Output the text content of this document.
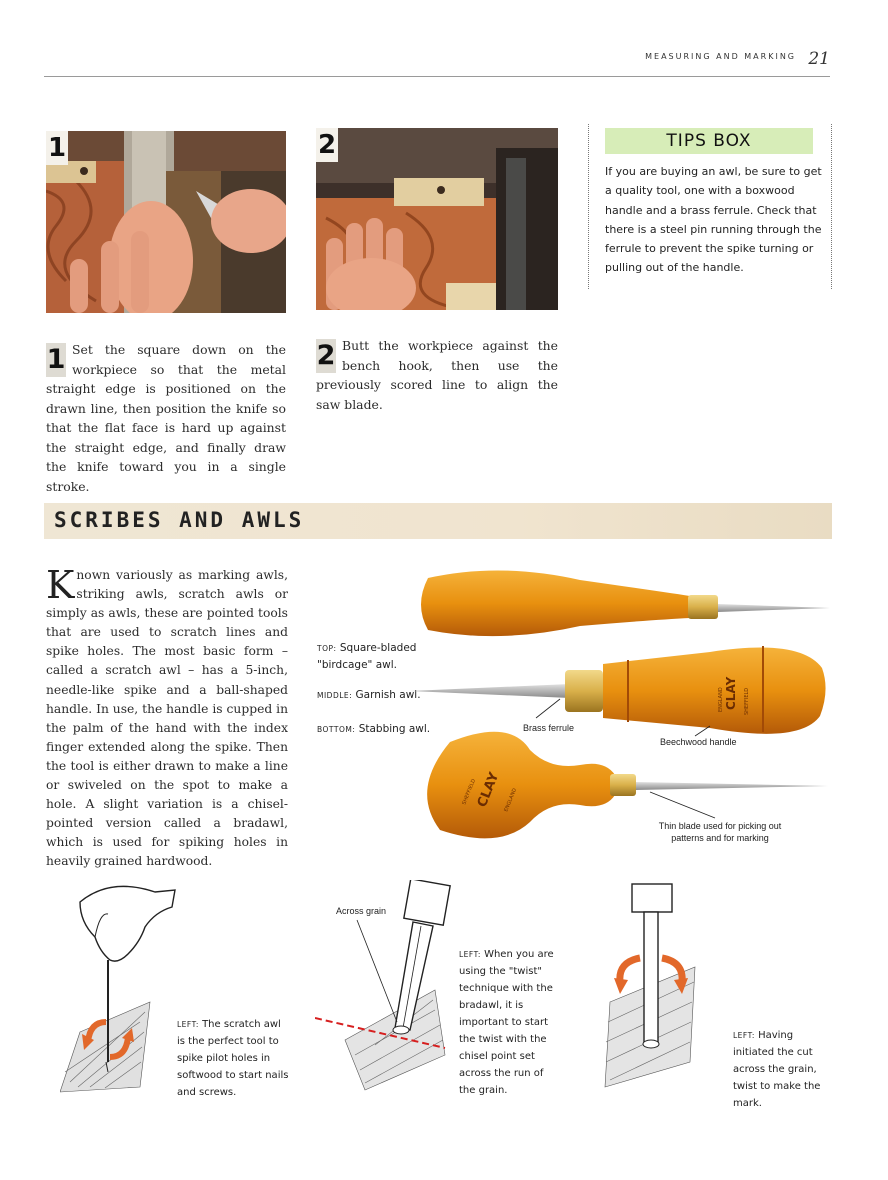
MEASURING AND MARKING 21
1	2
1 Set the square down on the workpiece so that the metal straight edge is positioned on the drawn line, then position the knife so that the flat face is hard up against the straight edge, and finally draw the knife toward you in a single stroke.
2 Butt the workpiece against the bench hook, then use the previously scored line to align the saw blade.
TIPS BOX
If you are buying an awl, be sure to get a quality tool, one with a boxwood handle and a brass ferrule. Check that there is a steel pin running through the ferrule to prevent the spike turning or pulling out of the handle.
SCRIBES AND AWLS
K nown variously as marking awls, striking awls, scratch awls or simply as awls, these are pointed tools that are used to scratch lines and spike holes. The most basic form – called a scratch awl – has a 5-inch, needle-like spike and a ball-shaped handle. In use, the handle is cupped in the palm of the hand with the index finger extended along the spike. Then the tool is either drawn to make a line or swiveled on the spot to make a hole. A slight variation is a chisel-pointed version called a bradawl, which is used for spiking holes in heavily grained hardwood.
TOP: Square-bladed
"birdcage" awl.
MIDDLE: Garnish awl.
BOTTOM: Stabbing awl.
CLAY SHEFFIELD
ENGLAND
CLAY
SHEFFIELD	ENGLAND
Brass ferrule
Beechwood handle
Thin blade used for picking out
patterns and for marking
LEFT: The scratch awl is the perfect tool to spike pilot holes in softwood to start nails and screws.
Across grain
LEFT: When you are using the "twist" technique with the bradawl, it is important to start the twist with the chisel point set across the run of the grain.
LEFT: Having initiated the cut across the grain, twist to make the mark.
